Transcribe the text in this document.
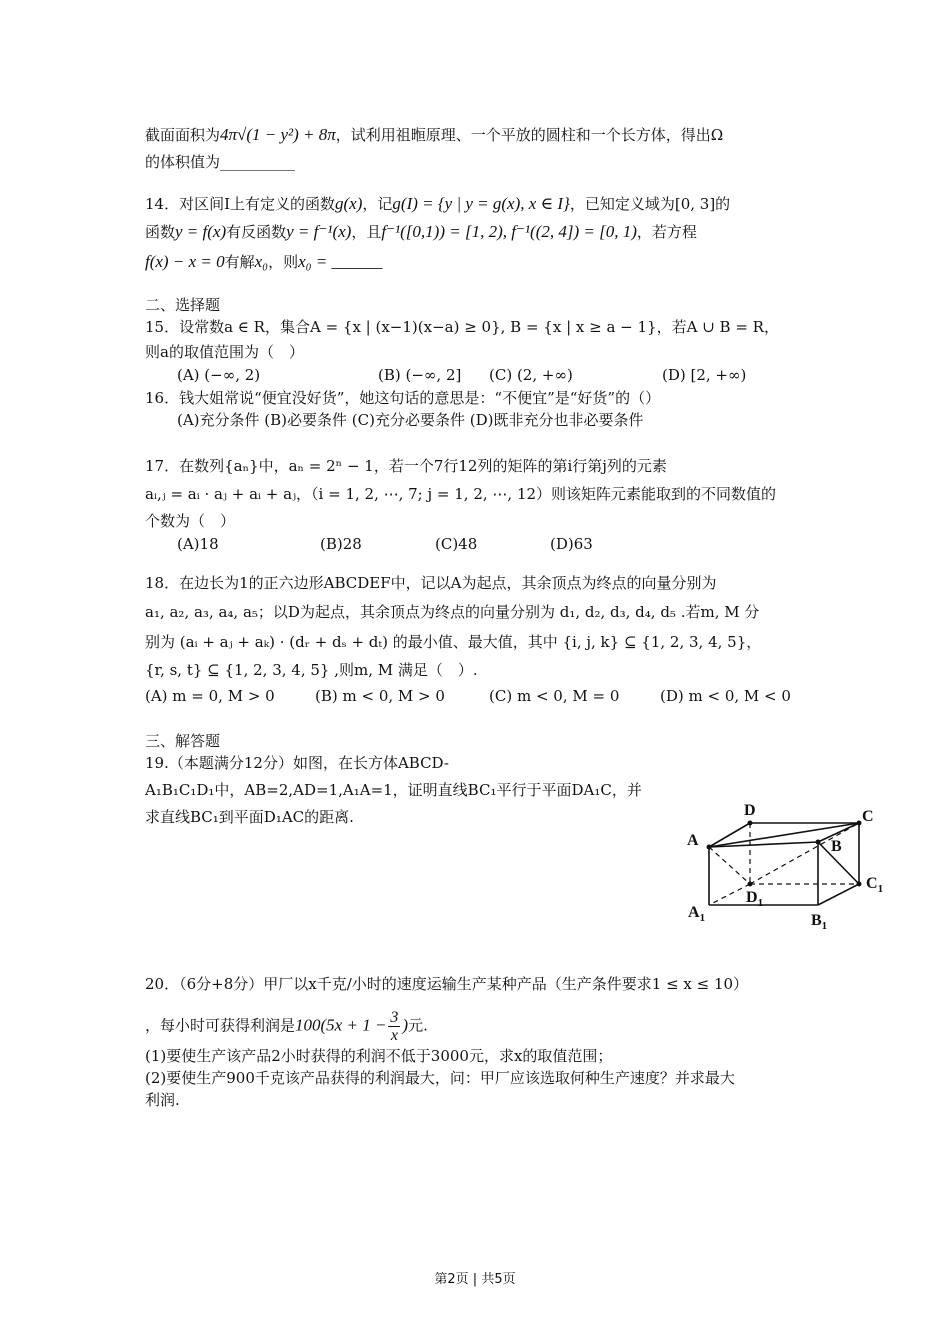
截面面积为4π√(1 − y²) + 8π，试利用祖暅原理、一个平放的圆柱和一个长方体，得出Ω
的体积值为__________
14．对区间I上有定义的函数g(x)，记g(I) = {y | y = g(x), x ∈ I}，已知定义域为[0, 3]的
函数y = f(x)有反函数y = f⁻¹(x)，且f⁻¹([0,1)) = [1, 2), f⁻¹((2, 4]) = [0, 1)，若方程
f(x) − x = 0有解x₀，则x₀ = ______
二、选择题
15．设常数a ∈ R，集合A = {x | (x−1)(x−a) ≥ 0}, B = {x | x ≥ a − 1}，若A ∪ B = R，
则a的取值范围为（　）
(A) (−∞, 2)	(B) (−∞, 2] (C) (2, +∞)	(D) [2, +∞)
16．钱大姐常说“便宜没好货”，她这句话的意思是：“不便宜”是“好货”的（）
(A)充分条件 (B)必要条件 (C)充分必要条件 (D)既非充分也非必要条件
17．在数列{aₙ}中，aₙ = 2ⁿ − 1，若一个7行12列的矩阵的第i行第j列的元素
aᵢ,ⱼ = aᵢ · aⱼ + aᵢ + aⱼ，（i = 1, 2, ⋯, 7; j = 1, 2, ⋯, 12）则该矩阵元素能取到的不同数值的
个数为（　）
(A)18	(B)28	(C)48	(D)63
18．在边长为1的正六边形ABCDEF中，记以A为起点，其余顶点为终点的向量分别为
a₁, a₂, a₃, a₄, a₅；以D为起点，其余顶点为终点的向量分别为 d₁, d₂, d₃, d₄, d₅ .若m, M 分
别为 (aᵢ + aⱼ + aₖ) · (dᵣ + dₛ + dₜ) 的最小值、最大值，其中 {i, j, k} ⊆ {1, 2, 3, 4, 5}，
{r, s, t} ⊆ {1, 2, 3, 4, 5} ,则m, M 满足（　）.
(A) m = 0, M > 0	(B) m < 0, M > 0	(C) m < 0, M = 0	(D) m < 0, M < 0
三、解答题
19.（本题满分12分）如图，在长方体ABCD-
A₁B₁C₁D₁中，AB=2,AD=1,A₁A=1，证明直线BC₁平行于平面DA₁C，并
求直线BC₁到平面D₁AC的距离.	D	C
A	B
$C_1$
$D_1$
$A_1$	$B_1$
20．（6分+8分）甲厂以x千克/小时的速度运输生产某种产品（生产条件要求1 ≤ x ≤ 10）
，每小时可获得利润是$100(5x + 1 - \frac{3}{x}$ )元.
(1)要使生产该产品2小时获得的利润不低于3000元，求x的取值范围；
(2)要使生产900千克该产品获得的利润最大，问：甲厂应该选取何种生产速度？并求最大
利润.
第2页 | 共5页
